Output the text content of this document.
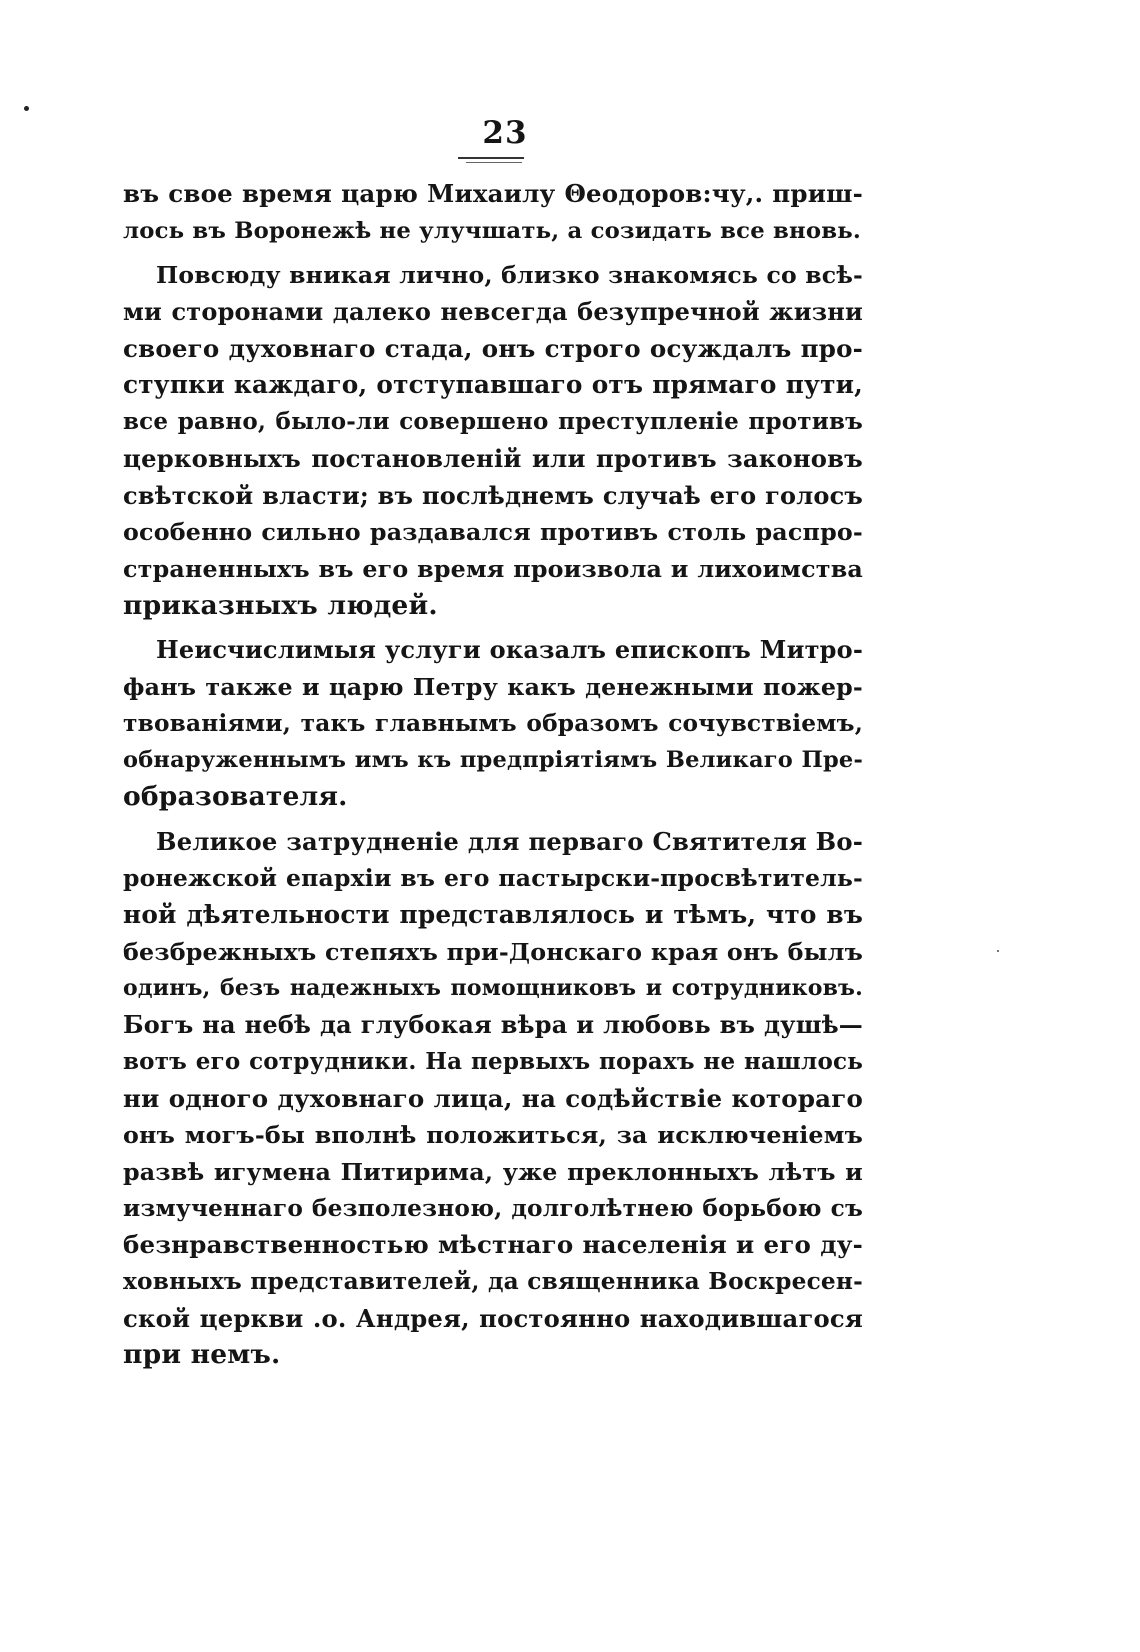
23
въ свое время царю Михаилу Θеодоров:чу,. приш-
лось въ Воронежѣ не улучшать, а созидать все вновь.
Повсюду вникая лично, близко знакомясь со всѣ-
ми сторонами далеко невсегда безупречной жизни
своего духовнаго стада, онъ строго осуждалъ про-
ступки каждаго, отступавшаго отъ прямаго пути,
все равно, было-ли совершено преступленіе противъ
церковныхъ постановленій или противъ законовъ
свѣтской власти; въ послѣднемъ случаѣ его голосъ
особенно сильно раздавался противъ столь распро-
страненныхъ въ его время произвола и лихоимства
приказныхъ людей.
Неисчислимыя услуги оказалъ епископъ Митро-
фанъ также и царю Петру какъ денежными пожер-
твованіями, такъ главнымъ образомъ сочувствіемъ,
обнаруженнымъ имъ къ предпріятіямъ Великаго Пре-
образователя.
Великое затрудненіе для перваго Святителя Во-
ронежской епархіи въ его пастырски-просвѣтитель-
ной дѣятельности представлялось и тѣмъ, что въ
безбрежныхъ степяхъ при-Донскаго края онъ былъ
одинъ, безъ надежныхъ помощниковъ и сотрудниковъ.
Богъ на небѣ да глубокая вѣра и любовь въ душѣ—
вотъ его сотрудники. На первыхъ порахъ не нашлось
ни одного духовнаго лица, на содѣйствіе котораго
онъ могъ-бы вполнѣ положиться, за исключеніемъ
развѣ игумена Питирима, уже преклонныхъ лѣтъ и
измученнаго безполезною, долголѣтнею борьбою съ
безнравственностью мѣстнаго населенія и его ду-
ховныхъ представителей, да священника Воскресен-
ской церкви .о. Андрея, постоянно находившагося
при немъ.
